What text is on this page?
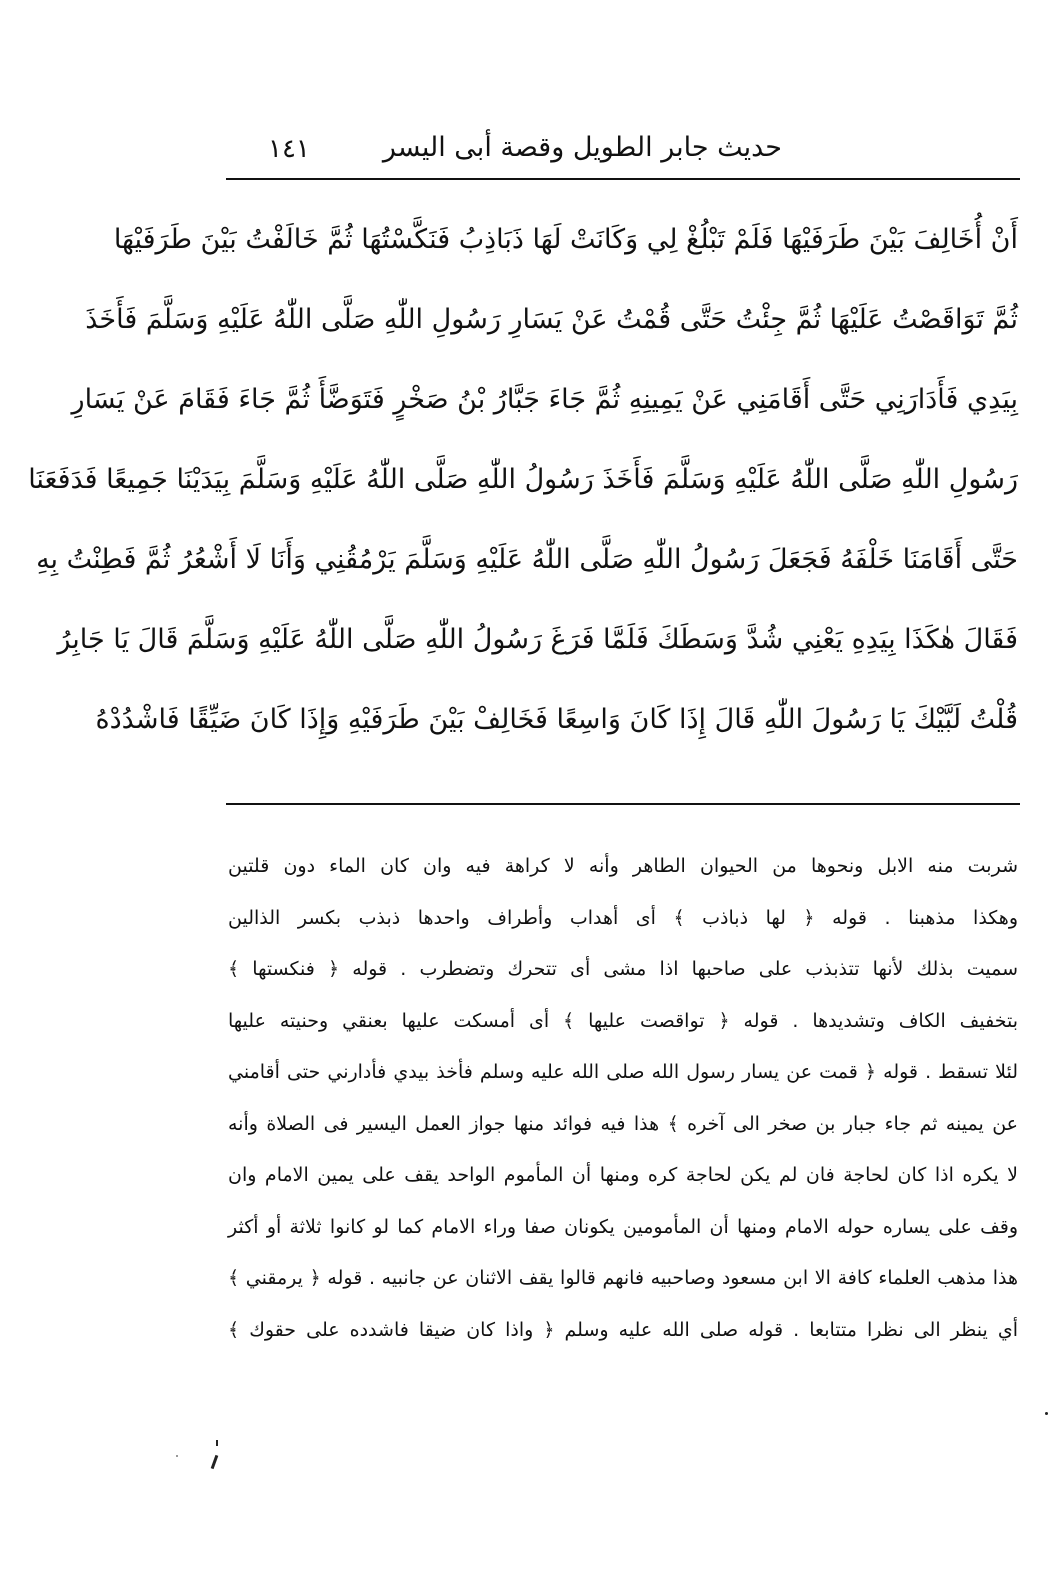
حديث جابر الطويل وقصة أبى اليسر
١٤١
أَنْ أُخَالِفَ بَيْنَ طَرَفَيْهَا فَلَمْ تَبْلُغْ لِي وَكَانَتْ لَهَا ذَبَاذِبُ فَنَكَّسْتُهَا ثُمَّ خَالَفْتُ بَيْنَ طَرَفَيْهَا
ثُمَّ تَوَاقَصْتُ عَلَيْهَا ثُمَّ جِئْتُ حَتَّى قُمْتُ عَنْ يَسَارِ رَسُولِ اللّٰهِ صَلَّى اللّٰهُ عَلَيْهِ وَسَلَّمَ فَأَخَذَ
بِيَدِي فَأَدَارَنِي حَتَّى أَقَامَنِي عَنْ يَمِينِهِ ثُمَّ جَاءَ جَبَّارُ بْنُ صَخْرٍ فَتَوَضَّأَ ثُمَّ جَاءَ فَقَامَ عَنْ يَسَارِ
رَسُولِ اللّٰهِ صَلَّى اللّٰهُ عَلَيْهِ وَسَلَّمَ فَأَخَذَ رَسُولُ اللّٰهِ صَلَّى اللّٰهُ عَلَيْهِ وَسَلَّمَ بِيَدَيْنَا جَمِيعًا فَدَفَعَنَا
حَتَّى أَقَامَنَا خَلْفَهُ فَجَعَلَ رَسُولُ اللّٰهِ صَلَّى اللّٰهُ عَلَيْهِ وَسَلَّمَ يَرْمُقُنِي وَأَنَا لَا أَشْعُرُ ثُمَّ فَطِنْتُ بِهِ
فَقَالَ هٰكَذَا بِيَدِهِ يَعْنِي شُدَّ وَسَطَكَ فَلَمَّا فَرَغَ رَسُولُ اللّٰهِ صَلَّى اللّٰهُ عَلَيْهِ وَسَلَّمَ قَالَ يَا جَابِرُ
قُلْتُ لَبَّيْكَ يَا رَسُولَ اللّٰهِ قَالَ إِذَا كَانَ وَاسِعًا فَخَالِفْ بَيْنَ طَرَفَيْهِ وَإِذَا كَانَ ضَيِّقًا فَاشْدُدْهُ
شربت منه الابل ونحوها من الحيوان الطاهر وأنه لا كراهة فيه وان كان الماء دون قلتين
وهكذا مذهبنا . قوله ﴿ لها ذباذب ﴾ أى أهداب وأطراف واحدها ذبذب بكسر الذالين
سميت بذلك لأنها تتذبذب على صاحبها اذا مشى أى تتحرك وتضطرب . قوله ﴿ فنكستها ﴾
بتخفيف الكاف وتشديدها . قوله ﴿ تواقصت عليها ﴾ أى أمسكت عليها بعنقي وحنيته عليها
لئلا تسقط . قوله ﴿ قمت عن يسار رسول الله صلى الله عليه وسلم فأخذ بيدي فأدارني حتى أقامني
عن يمينه ثم جاء جبار بن صخر الى آخره ﴾ هذا فيه فوائد منها جواز العمل اليسير فى الصلاة وأنه
لا يكره اذا كان لحاجة فان لم يكن لحاجة كره ومنها أن المأموم الواحد يقف على يمين الامام وان
وقف على يساره حوله الامام ومنها أن المأمومين يكونان صفا وراء الامام كما لو كانوا ثلاثة أو أكثر
هذا مذهب العلماء كافة الا ابن مسعود وصاحبيه فانهم قالوا يقف الاثنان عن جانبيه . قوله ﴿ يرمقني ﴾
أي ينظر الى نظرا متتابعا . قوله صلى الله عليه وسلم ﴿ واذا كان ضيقا فاشدده على حقوك ﴾
